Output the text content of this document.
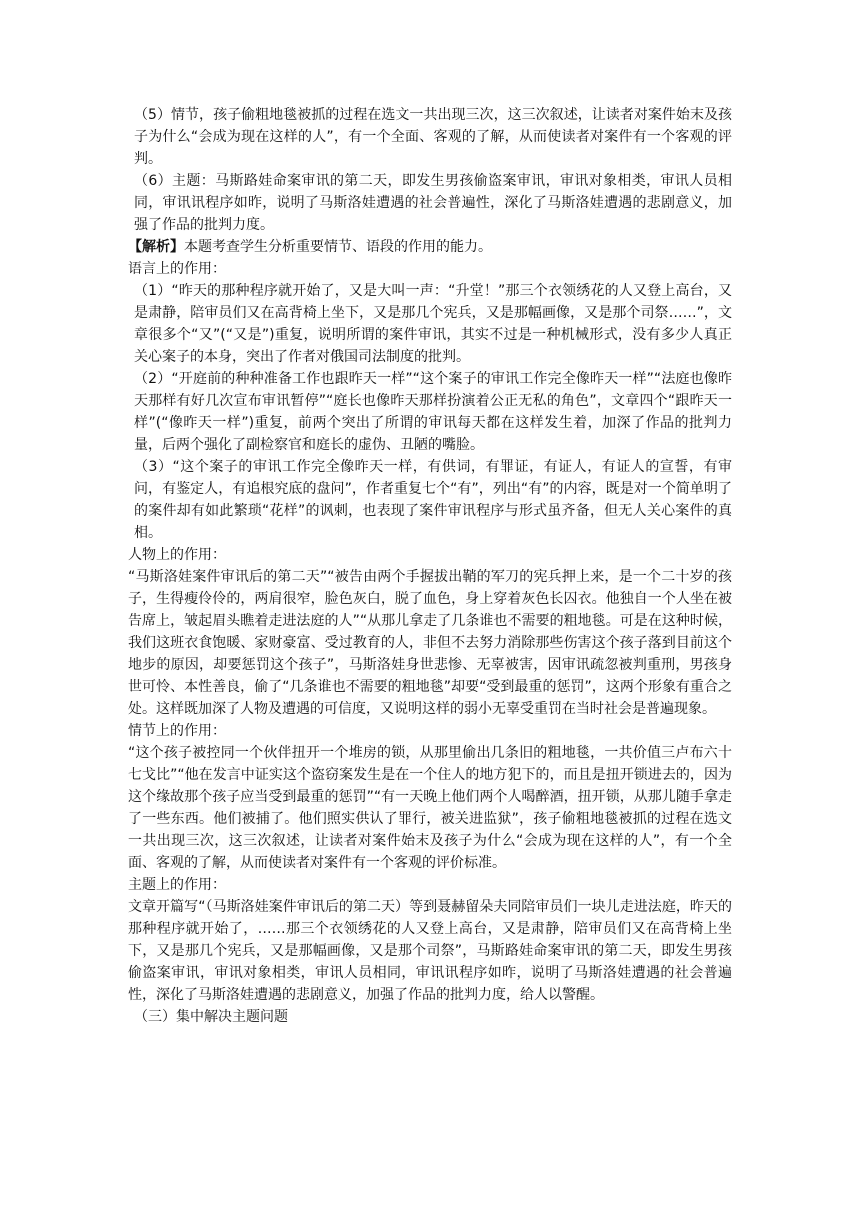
（5）情节，孩子偷粗地毯被抓的过程在选文一共出现三次，这三次叙述，让读者对案件始末及孩子为什么“会成为现在这样的人”，有一个全面、客观的了解，从而使读者对案件有一个客观的评判。

（6）主题：马斯路娃命案审讯的第二天，即发生男孩偷盗案审讯，审讯对象相类，审讯人员相同，审讯讯程序如昨，说明了马斯洛娃遭遇的社会普遍性，深化了马斯洛娃遭遇的悲剧意义，加强了作品的批判力度。

【解析】本题考查学生分析重要情节、语段的作用的能力。

语言上的作用：

（1）“昨天的那种程序就开始了，又是大叫一声：“升堂！”那三个衣领绣花的人又登上高台，又是肃静，陪审员们又在高背椅上坐下，又是那几个宪兵，又是那幅画像，又是那个司祭……”，文章很多个“又”(“又是”)重复，说明所谓的案件审讯，其实不过是一种机械形式，没有多少人真正关心案子的本身，突出了作者对俄国司法制度的批判。

（2）“开庭前的种种准备工作也跟昨天一样”“这个案子的审讯工作完全像昨天一样”“法庭也像昨天那样有好几次宣布审讯暂停”“庭长也像昨天那样扮演着公正无私的角色”，文章四个“跟昨天一样”(“像昨天一样”)重复，前两个突出了所谓的审讯每天都在这样发生着，加深了作品的批判力量，后两个强化了副检察官和庭长的虚伪、丑陋的嘴脸。

（3）“这个案子的审讯工作完全像昨天一样，有供词，有罪证，有证人，有证人的宣誓，有审问，有鉴定人，有追根究底的盘问”，作者重复七个“有”，列出“有”的内容，既是对一个简单明了的案件却有如此繁琐“花样”的讽刺，也表现了案件审讯程序与形式虽齐备，但无人关心案件的真相。

人物上的作用：

“马斯洛娃案件审讯后的第二天”“被告由两个手握拔出鞘的军刀的宪兵押上来，是一个二十岁的孩子，生得瘦伶伶的，两肩很窄，脸色灰白，脱了血色，身上穿着灰色长囚衣。他独自一个人坐在被告席上，皱起眉头瞧着走进法庭的人”“从那儿拿走了几条谁也不需要的粗地毯。可是在这种时候，我们这班衣食饱暖、家财豪富、受过教育的人，非但不去努力消除那些伤害这个孩子落到目前这个地步的原因，却要惩罚这个孩子”，马斯洛娃身世悲惨、无辜被害，因审讯疏忽被判重刑，男孩身世可怜、本性善良，偷了“几条谁也不需要的粗地毯”却要“受到最重的惩罚”，这两个形象有重合之处。这样既加深了人物及遭遇的可信度，又说明这样的弱小无辜受重罚在当时社会是普遍现象。

情节上的作用：

“这个孩子被控同一个伙伴扭开一个堆房的锁，从那里偷出几条旧的粗地毯，一共价值三卢布六十七戈比”“他在发言中证实这个盗窃案发生是在一个住人的地方犯下的，而且是扭开锁进去的，因为这个缘故那个孩子应当受到最重的惩罚”“有一天晚上他们两个人喝醉酒，扭开锁，从那儿随手拿走了一些东西。他们被捕了。他们照实供认了罪行，被关进监狱”，孩子偷粗地毯被抓的过程在选文一共出现三次，这三次叙述，让读者对案件始末及孩子为什么“会成为现在这样的人”，有一个全面、客观的了解，从而使读者对案件有一个客观的评价标准。

主题上的作用：

文章开篇写“（马斯洛娃案件审讯后的第二天）等到聂赫留朵夫同陪审员们一块儿走进法庭，昨天的那种程序就开始了，……那三个衣领绣花的人又登上高台，又是肃静，陪审员们又在高背椅上坐下，又是那几个宪兵，又是那幅画像，又是那个司祭”，马斯路娃命案审讯的第二天，即发生男孩偷盗案审讯，审讯对象相类，审讯人员相同，审讯讯程序如昨，说明了马斯洛娃遭遇的社会普遍性，深化了马斯洛娃遭遇的悲剧意义，加强了作品的批判力度，给人以警醒。

（三）集中解决主题问题
